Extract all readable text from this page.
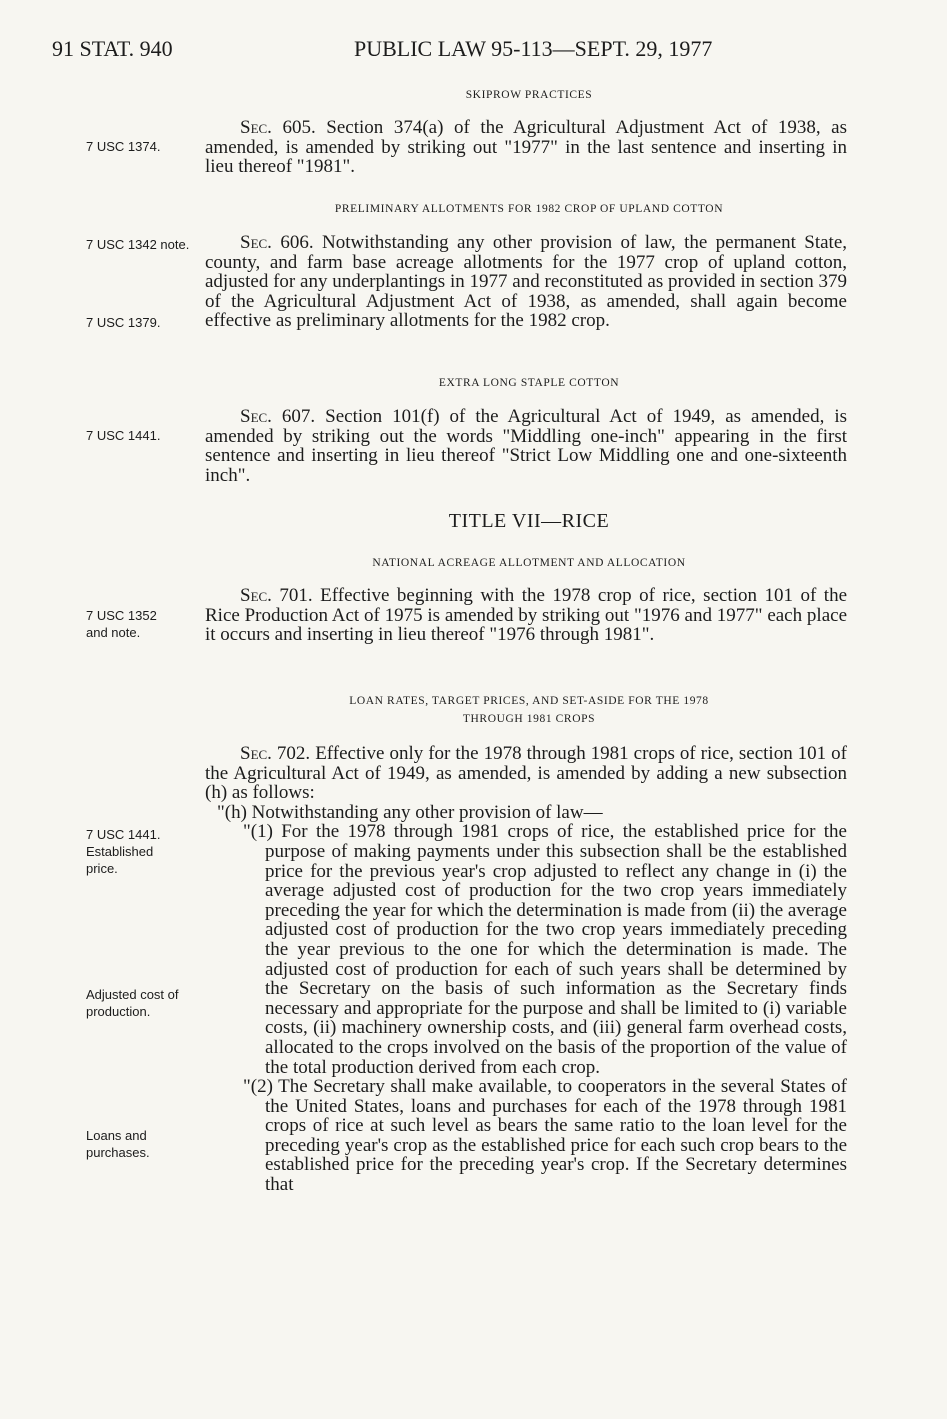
91 STAT. 940	PUBLIC LAW 95-113—SEPT. 29, 1977
SKIPROW PRACTICES

Sec. 605. Section 374(a) of the Agricultural Adjustment Act of 1938, as amended, is amended by striking out "1977" in the last sentence and inserting in lieu thereof "1981".

PRELIMINARY ALLOTMENTS FOR 1982 CROP OF UPLAND COTTON

Sec. 606. Notwithstanding any other provision of law, the permanent State, county, and farm base acreage allotments for the 1977 crop of upland cotton, adjusted for any underplantings in 1977 and reconstituted as provided in section 379 of the Agricultural Adjustment Act of 1938, as amended, shall again become effective as preliminary allotments for the 1982 crop.

EXTRA LONG STAPLE COTTON

Sec. 607. Section 101(f) of the Agricultural Act of 1949, as amended, is amended by striking out the words "Middling one-inch" appearing in the first sentence and inserting in lieu thereof "Strict Low Middling one and one-sixteenth inch".

TITLE VII—RICE
NATIONAL ACREAGE ALLOTMENT AND ALLOCATION

Sec. 701. Effective beginning with the 1978 crop of rice, section 101 of the Rice Production Act of 1975 is amended by striking out "1976 and 1977" each place it occurs and inserting in lieu thereof "1976 through 1981".

LOAN RATES, TARGET PRICES, AND SET-ASIDE FOR THE 1978
THROUGH 1981 CROPS

Sec. 702. Effective only for the 1978 through 1981 crops of rice, section 101 of the Agricultural Act of 1949, as amended, is amended by adding a new subsection (h) as follows:

"(h) Notwithstanding any other provision of law—

"(1) For the 1978 through 1981 crops of rice, the established price for the purpose of making payments under this subsection shall be the established price for the previous year's crop adjusted to reflect any change in (i) the average adjusted cost of production for the two crop years immediately preceding the year for which the determination is made from (ii) the average adjusted cost of production for the two crop years immediately preceding the year previous to the one for which the determination is made. The adjusted cost of production for each of such years shall be determined by the Secretary on the basis of such information as the Secretary finds necessary and appropriate for the purpose and shall be limited to (i) variable costs, (ii) machinery ownership costs, and (iii) general farm overhead costs, allocated to the crops involved on the basis of the proportion of the value of the total production derived from each crop.

"(2) The Secretary shall make available, to cooperators in the several States of the United States, loans and purchases for each of the 1978 through 1981 crops of rice at such level as bears the same ratio to the loan level for the preceding year's crop as the established price for each such crop bears to the established price for the preceding year's crop. If the Secretary determines that

7 USC 1374.
7 USC 1342 note.
7 USC 1379.
7 USC 1441.
7 USC 1352
and note.
7 USC 1441.
Established
price.
Adjusted cost of
production.
Loans and
purchases.
